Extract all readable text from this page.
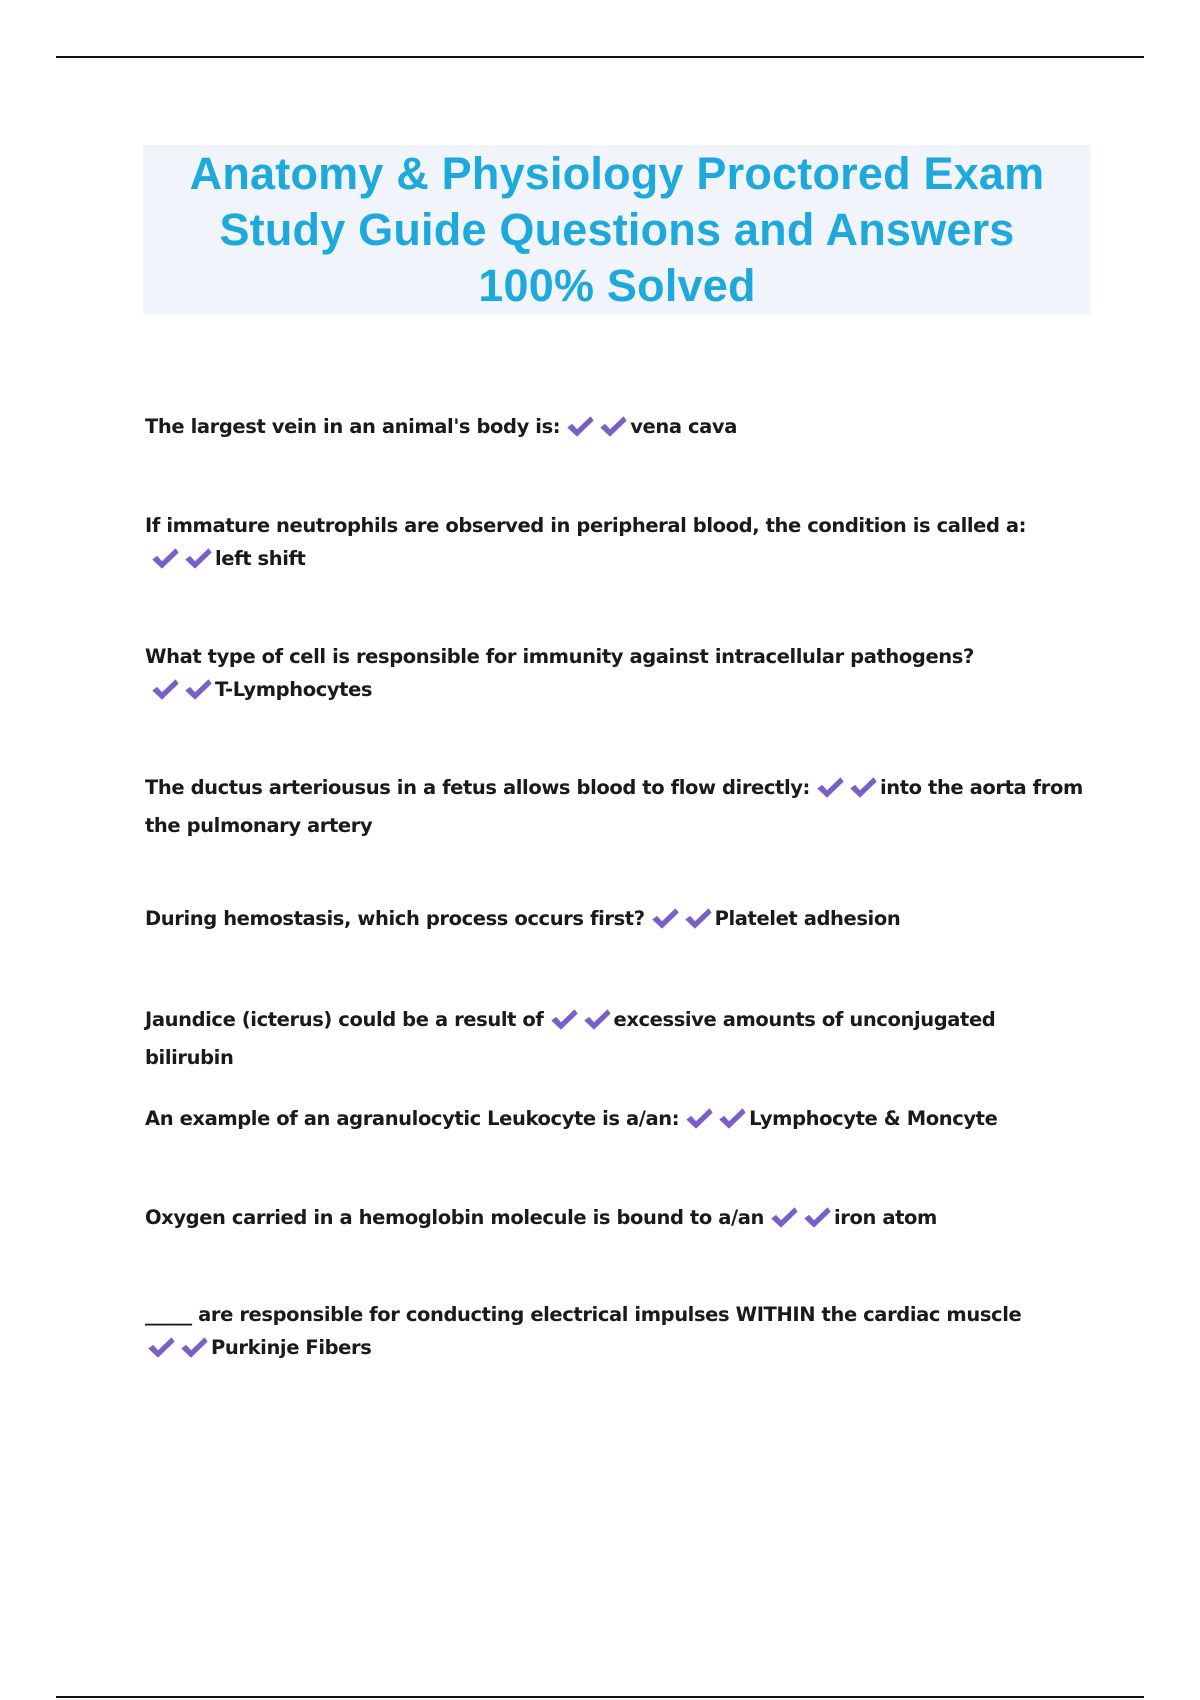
Anatomy & Physiology Proctored Exam
Study Guide Questions and Answers
100% Solved
The largest vein in an animal's body is:	vena cava
If immature neutrophils are observed in peripheral blood, the condition is called a:
left shift
What type of cell is responsible for immunity against intracellular pathogens?
T-Lymphocytes
The ductus arteriousus in a fetus allows blood to flow directly:	into the aorta from the pulmonary artery
During hemostasis, which process occurs first?	Platelet adhesion
Jaundice (icterus) could be a result of	excessive amounts of unconjugated bilirubin
An example of an agranulocytic Leukocyte is a/an:	Lymphocyte & Moncyte
Oxygen carried in a hemoglobin molecule is bound to a/an	iron atom
_____ are responsible for conducting electrical impulses WITHIN the cardiac muscle

Purkinje Fibers
